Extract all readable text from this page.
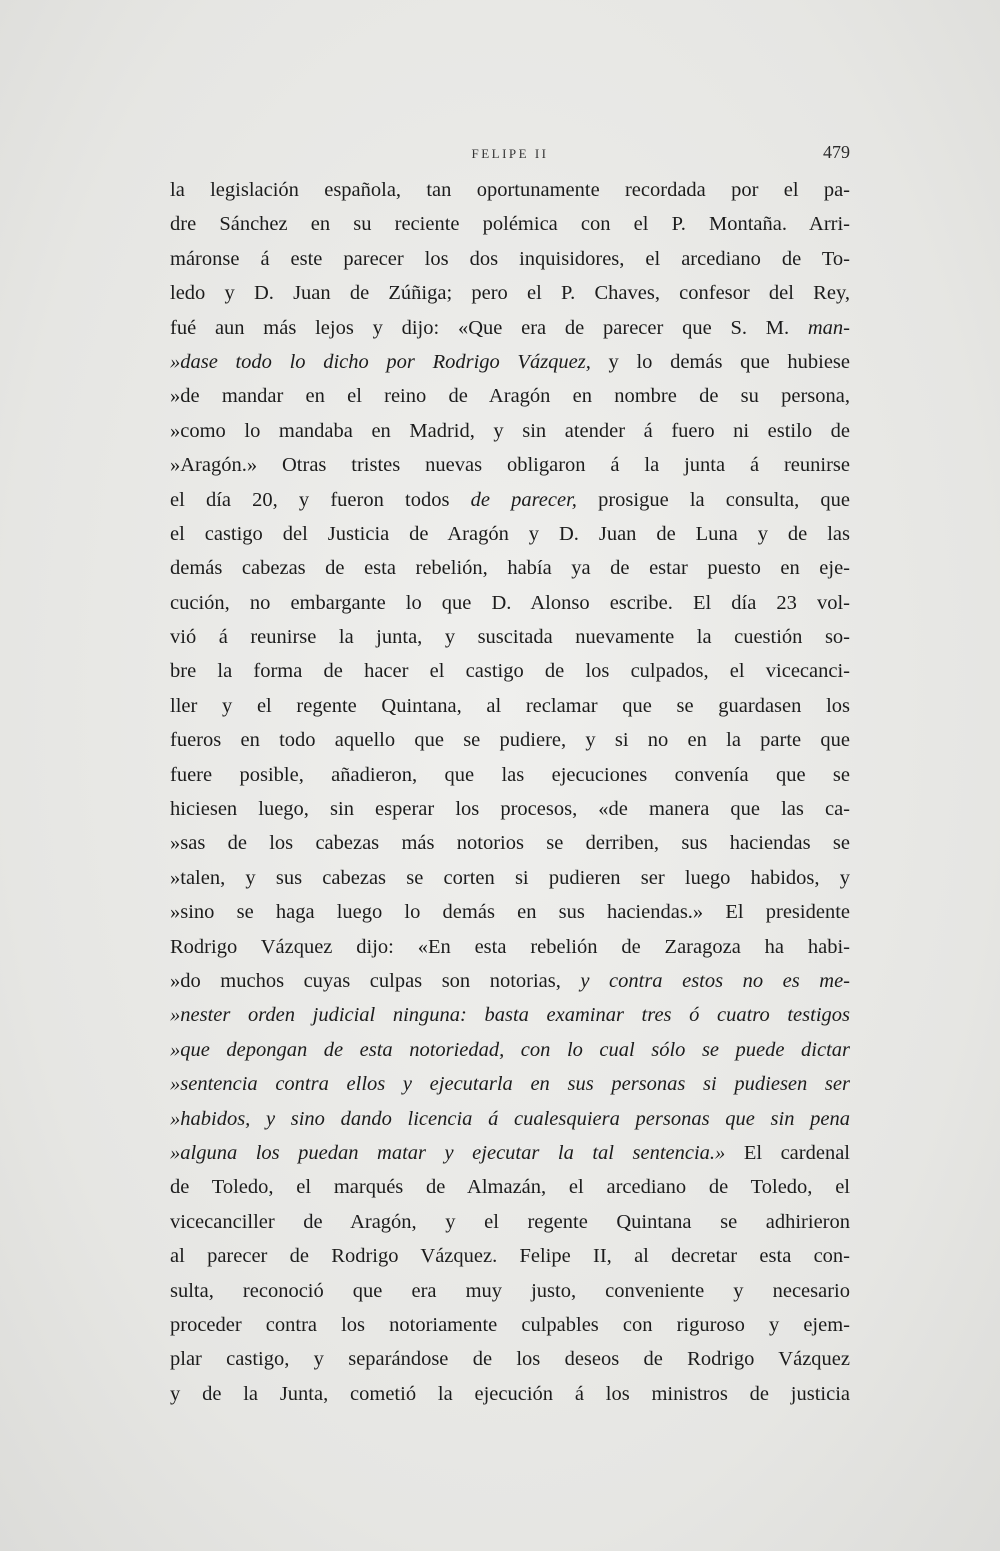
FELIPE II	479
la legislación española, tan oportunamente recordada por el pa-
dre Sánchez en su reciente polémica con el P. Montaña. Arri-
máronse á este parecer los dos inquisidores, el arcediano de To-
ledo y D. Juan de Zúñiga; pero el P. Chaves, confesor del Rey,
fué aun más lejos y dijo: «Que era de parecer que S. M. man-
»dase todo lo dicho por Rodrigo Vázquez, y lo demás que hubiese
»de mandar en el reino de Aragón en nombre de su persona,
»como lo mandaba en Madrid, y sin atender á fuero ni estilo de
»Aragón.» Otras tristes nuevas obligaron á la junta á reunirse
el día 20, y fueron todos de parecer, prosigue la consulta, que
el castigo del Justicia de Aragón y D. Juan de Luna y de las
demás cabezas de esta rebelión, había ya de estar puesto en eje-
cución, no embargante lo que D. Alonso escribe. El día 23 vol-
vió á reunirse la junta, y suscitada nuevamente la cuestión so-
bre la forma de hacer el castigo de los culpados, el vicecanci-
ller y el regente Quintana, al reclamar que se guardasen los
fueros en todo aquello que se pudiere, y si no en la parte que
fuere posible, añadieron, que las ejecuciones convenía que se
hiciesen luego, sin esperar los procesos, «de manera que las ca-
»sas de los cabezas más notorios se derriben, sus haciendas se
»talen, y sus cabezas se corten si pudieren ser luego habidos, y
»sino se haga luego lo demás en sus haciendas.» El presidente
Rodrigo Vázquez dijo: «En esta rebelión de Zaragoza ha habi-
»do muchos cuyas culpas son notorias, y contra estos no es me-
»nester orden judicial ninguna: basta examinar tres ó cuatro testigos
»que depongan de esta notoriedad, con lo cual sólo se puede dictar
»sentencia contra ellos y ejecutarla en sus personas si pudiesen ser
»habidos, y sino dando licencia á cualesquiera personas que sin pena
»alguna los puedan matar y ejecutar la tal sentencia.» El cardenal
de Toledo, el marqués de Almazán, el arcediano de Toledo, el
vicecanciller de Aragón, y el regente Quintana se adhirieron
al parecer de Rodrigo Vázquez. Felipe II, al decretar esta con-
sulta, reconoció que era muy justo, conveniente y necesario
proceder contra los notoriamente culpables con riguroso y ejem-
plar castigo, y separándose de los deseos de Rodrigo Vázquez
y de la Junta, cometió la ejecución á los ministros de justicia
